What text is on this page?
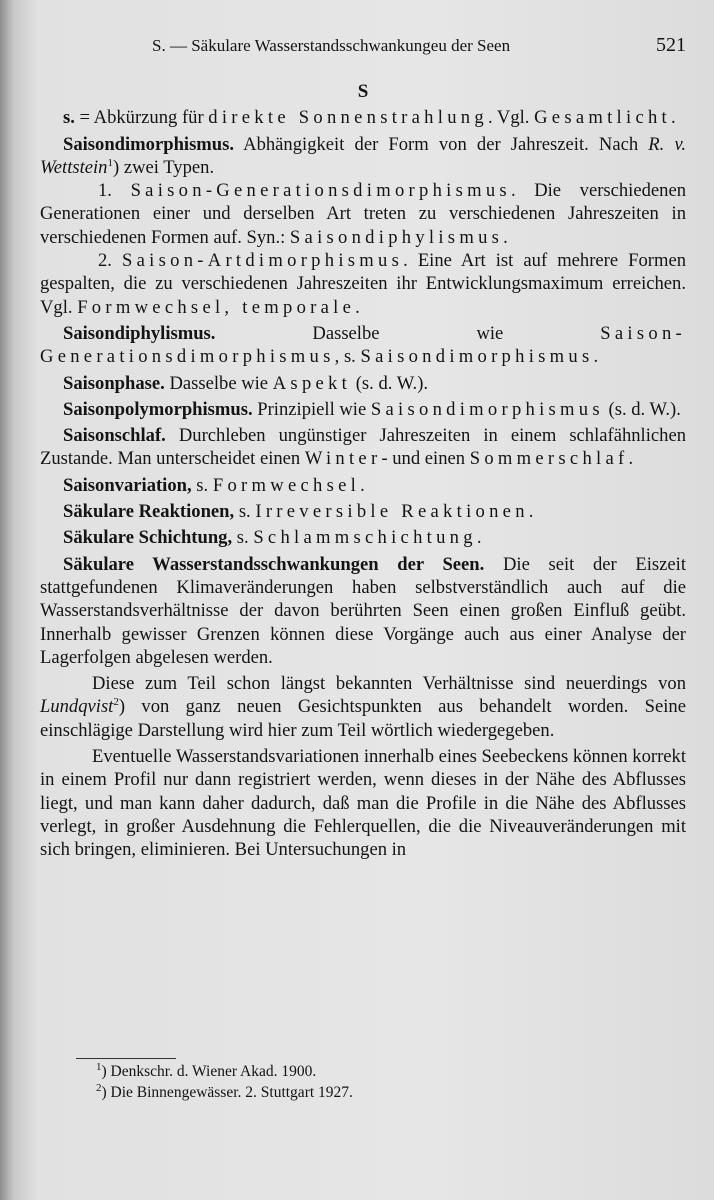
S. — Säkulare Wasserstandsschwankungeu der Seen	521
S

s. = Abkürzung für direkte Sonnenstrahlung. Vgl. Gesamtlicht.

Saisondimorphismus. Abhängigkeit der Form von der Jahreszeit. Nach R. v. Wettstein$^1$) zwei Typen.

1. Saison-Generationsdimorphismus. Die verschiedenen Generationen einer und derselben Art treten zu verschiedenen Jahreszeiten in verschiedenen Formen auf. Syn.: Saisondiphylismus.

2. Saison-Artdimorphismus. Eine Art ist auf mehrere Formen gespalten, die zu verschiedenen Jahreszeiten ihr Entwicklungsmaximum erreichen. Vgl. Formwechsel, temporale.

Saisondiphylismus. Dasselbe wie Saison-Generationsdimorphismus, s. Saisondimorphismus.

Saisonphase. Dasselbe wie Aspekt (s. d. W.).

Saisonpolymorphismus. Prinzipiell wie Saisondimorphismus (s. d. W.).

Saisonschlaf. Durchleben ungünstiger Jahreszeiten in einem schlafähnlichen Zustande. Man unterscheidet einen Winter- und einen Sommerschlaf.

Saisonvariation, s. Formwechsel.

Säkulare Reaktionen, s. Irreversible Reaktionen.

Säkulare Schichtung, s. Schlammschichtung.

Säkulare Wasserstandsschwankungen der Seen. Die seit der Eiszeit stattgefundenen Klimaveränderungen haben selbstverständlich auch auf die Wasserstandsverhältnisse der davon berührten Seen einen großen Einfluß geübt. Innerhalb gewisser Grenzen können diese Vorgänge auch aus einer Analyse der Lagerfolgen abgelesen werden.

Diese zum Teil schon längst bekannten Verhältnisse sind neuerdings von Lundqvist$^2$) von ganz neuen Gesichtspunkten aus behandelt worden. Seine einschlägige Darstellung wird hier zum Teil wörtlich wiedergegeben.

Eventuelle Wasserstandsvariationen innerhalb eines Seebeckens können korrekt in einem Profil nur dann registriert werden, wenn dieses in der Nähe des Abflusses liegt, und man kann daher dadurch, daß man die Profile in die Nähe des Abflusses verlegt, in großer Ausdehnung die Fehlerquellen, die die Niveauveränderungen mit sich bringen, eliminieren. Bei Untersuchungen in

$^1$) Denkschr. d. Wiener Akad. 1900.
$^2$) Die Binnengewässer. 2. Stuttgart 1927.
